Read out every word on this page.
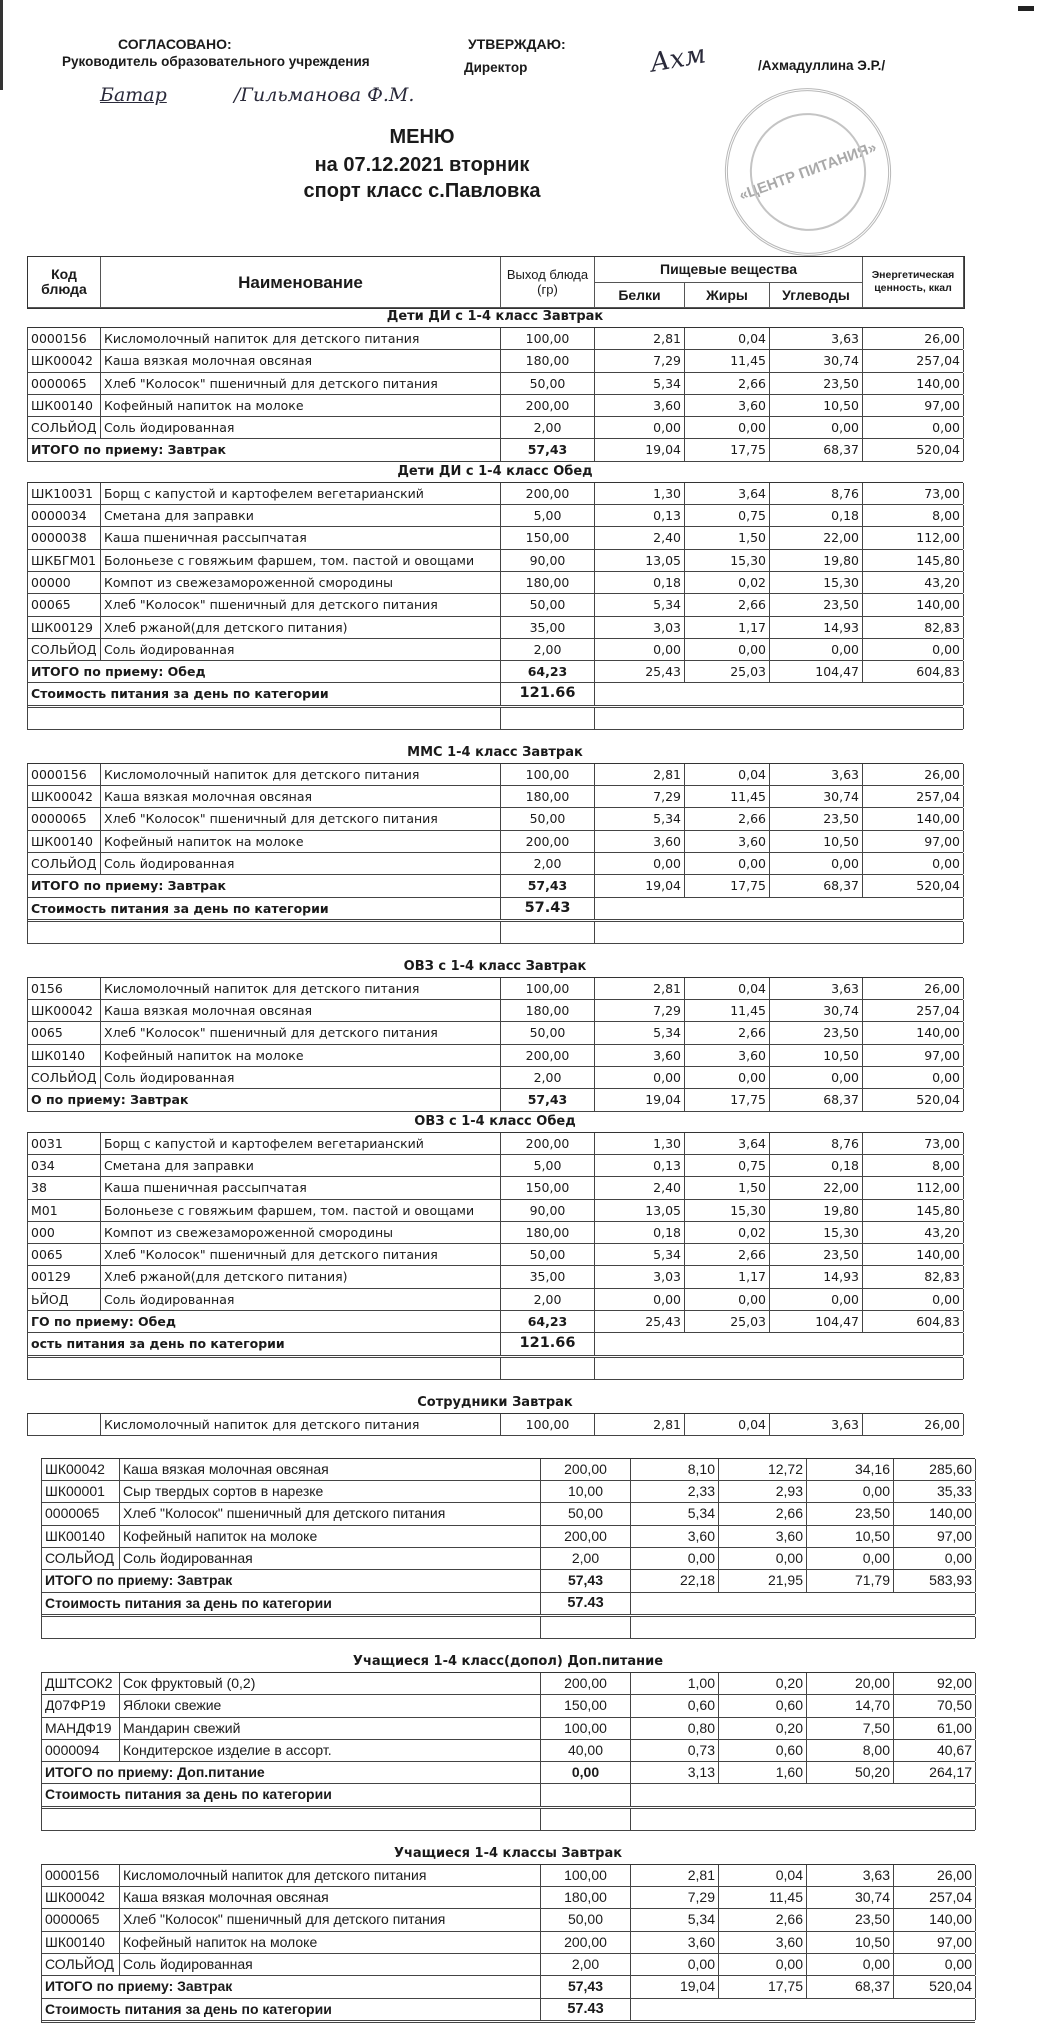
СОГЛАСОВАНО:
Руководитель образовательного учреждения
Батар	/Гильманова Ф.М.
УТВЕРЖДАЮ:
Директор	Ахм	/Ахмадуллина Э.Р./
«ЦЕНТР ПИТАНИЯ»
МЕНЮ
на 07.12.2021 вторник
спорт класс с.Павловка
Код блюда	Наименование	Выход блюда (гр)
Пищевые вещества	Энергетическая ценность, ккал
Белки	Жиры	Углеводы
Дети ДИ с 1-4 класс Завтрак
0000156	Кисломолочный напиток для детского питания	100,00	2,81	0,04	3,63	26,00
ШК00042 Каша вязкая молочная овсяная	180,00	7,29	11,45	30,74	257,04
0000065	Хлеб "Колосок" пшеничный для детского питания	50,00	5,34	2,66	23,50	140,00
ШК00140 Кофейный напиток на молоке	200,00	3,60	3,60	10,50	97,00
СОЛЬЙОД Соль йодированная	2,00	0,00	0,00	0,00	0,00
ИТОГО по приему: Завтрак	57,43	19,04	17,75	68,37	520,04
Дети ДИ с 1-4 класс Обед
ШК10031 Борщ с капустой и картофелем вегетарианский	200,00	1,30	3,64	8,76	73,00
0000034	Сметана для заправки	5,00	0,13	0,75	0,18	8,00
0000038	Каша пшеничная рассыпчатая	150,00	2,40	1,50	22,00	112,00
ШКБГМ01 Болоньезе с говяжьим фаршем, том. пастой и овощами	90,00	13,05	15,30	19,80	145,80
00000	Компот из свежезамороженной смородины	180,00	0,18	0,02	15,30	43,20
00065	Хлеб "Колосок" пшеничный для детского питания	50,00	5,34	2,66	23,50	140,00
ШК00129 Хлеб ржаной(для детского питания)	35,00	3,03	1,17	14,93	82,83
СОЛЬЙОД Соль йодированная	2,00	0,00	0,00	0,00	0,00
ИТОГО по приему: Обед	64,23	25,43	25,03	104,47	604,83
Стоимость питания за день по категории	121.66
ММС 1-4 класс Завтрак
0000156	Кисломолочный напиток для детского питания	100,00	2,81	0,04	3,63	26,00
ШК00042 Каша вязкая молочная овсяная	180,00	7,29	11,45	30,74	257,04
0000065	Хлеб "Колосок" пшеничный для детского питания	50,00	5,34	2,66	23,50	140,00
ШК00140 Кофейный напиток на молоке	200,00	3,60	3,60	10,50	97,00
СОЛЬЙОД Соль йодированная	2,00	0,00	0,00	0,00	0,00
ИТОГО по приему: Завтрак	57,43	19,04	17,75	68,37	520,04
Стоимость питания за день по категории	57.43
ОВЗ с 1-4 класс Завтрак
0156	Кисломолочный напиток для детского питания	100,00	2,81	0,04	3,63	26,00
ШК00042 Каша вязкая молочная овсяная	180,00	7,29	11,45	30,74	257,04
0065	Хлеб "Колосок" пшеничный для детского питания	50,00	5,34	2,66	23,50	140,00
ШК0140	Кофейный напиток на молоке	200,00	3,60	3,60	10,50	97,00
СОЛЬЙОД Соль йодированная	2,00	0,00	0,00	0,00	0,00
О по приему: Завтрак	57,43	19,04	17,75	68,37	520,04
ОВЗ с 1-4 класс Обед
0031	Борщ с капустой и картофелем вегетарианский	200,00	1,30	3,64	8,76	73,00
034	Сметана для заправки	5,00	0,13	0,75	0,18	8,00
38	Каша пшеничная рассыпчатая	150,00	2,40	1,50	22,00	112,00
М01	Болоньезе с говяжьим фаршем, том. пастой и овощами	90,00	13,05	15,30	19,80	145,80
000	Компот из свежезамороженной смородины	180,00	0,18	0,02	15,30	43,20
0065	Хлеб "Колосок" пшеничный для детского питания	50,00	5,34	2,66	23,50	140,00
00129	Хлеб ржаной(для детского питания)	35,00	3,03	1,17	14,93	82,83
ЬЙОД	Соль йодированная	2,00	0,00	0,00	0,00	0,00
ГО по приему: Обед	64,23	25,43	25,03	104,47	604,83
ость питания за день по категории	121.66
Сотрудники Завтрак
Кисломолочный напиток для детского питания	100,00	2,81	0,04	3,63	26,00
ШК00042	Каша вязкая молочная овсяная	200,00	8,10	12,72	34,16	285,60
ШК00001	Сыр твердых сортов в нарезке	10,00	2,33	2,93	0,00	35,33
0000065	Хлеб "Колосок" пшеничный для детского питания	50,00	5,34	2,66	23,50	140,00
ШК00140	Кофейный напиток на молоке	200,00	3,60	3,60	10,50	97,00
СОЛЬЙОД Соль йодированная	2,00	0,00	0,00	0,00	0,00
ИТОГО по приему: Завтрак	57,43	22,18	21,95	71,79	583,93
Стоимость питания за день по категории	57.43
Учащиеся 1-4 класс(допол) Доп.питание
ДШТСОК2 Сок фруктовый (0,2)	200,00	1,00	0,20	20,00	92,00
Д07ФР19	Яблоки свежие	150,00	0,60	0,60	14,70	70,50
МАНДФ19 Мандарин свежий	100,00	0,80	0,20	7,50	61,00
0000094	Кондитерское изделие в ассорт.	40,00	0,73	0,60	8,00	40,67
ИТОГО по приему: Доп.питание	0,00	3,13	1,60	50,20	264,17
Стоимость питания за день по категории
Учащиеся 1-4 классы Завтрак
0000156	Кисломолочный напиток для детского питания	100,00	2,81	0,04	3,63	26,00
ШК00042	Каша вязкая молочная овсяная	180,00	7,29	11,45	30,74	257,04
0000065	Хлеб "Колосок" пшеничный для детского питания	50,00	5,34	2,66	23,50	140,00
ШК00140	Кофейный напиток на молоке	200,00	3,60	3,60	10,50	97,00
СОЛЬЙОД Соль йодированная	2,00	0,00	0,00	0,00	0,00
ИТОГО по приему: Завтрак	57,43	19,04	17,75	68,37	520,04
Стоимость питания за день по категории	57.43
